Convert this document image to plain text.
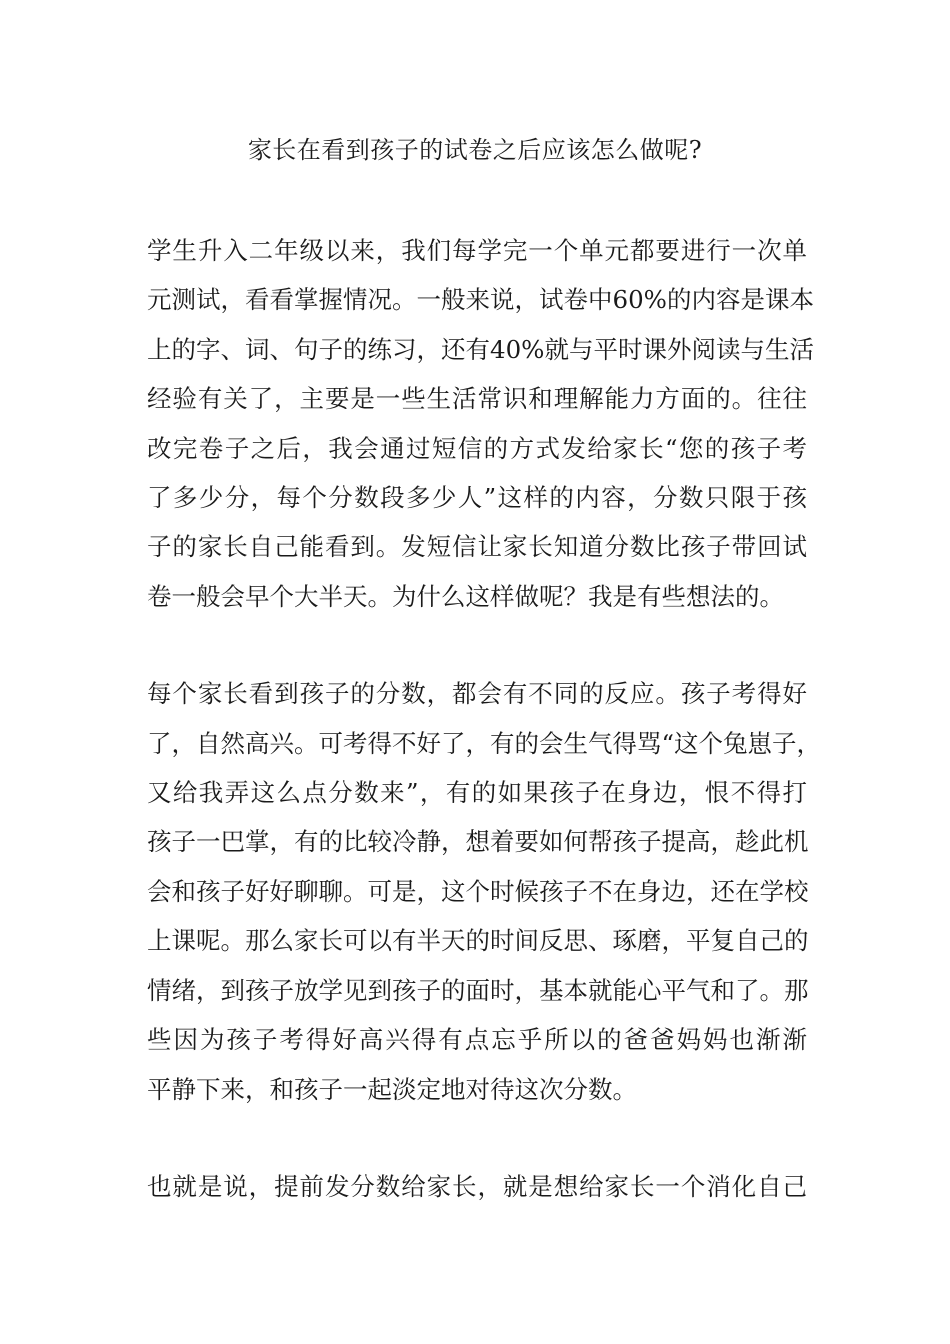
家长在看到孩子的试卷之后应该怎么做呢?
学生升入二年级以来，我们每学完一个单元都要进行一次单
元测试，看看掌握情况。一般来说，试卷中60%的内容是课本
上的字、词、句子的练习，还有40%就与平时课外阅读与生活
经验有关了，主要是一些生活常识和理解能力方面的。往往
改完卷子之后，我会通过短信的方式发给家长“您的孩子考
了多少分，每个分数段多少人”这样的内容，分数只限于孩
子的家长自己能看到。发短信让家长知道分数比孩子带回试
卷一般会早个大半天。为什么这样做呢？我是有些想法的。
每个家长看到孩子的分数，都会有不同的反应。孩子考得好
了，自然高兴。可考得不好了，有的会生气得骂“这个兔崽子，
又给我弄这么点分数来”，有的如果孩子在身边，恨不得打
孩子一巴掌，有的比较冷静，想着要如何帮孩子提高，趁此机
会和孩子好好聊聊。可是，这个时候孩子不在身边，还在学校
上课呢。那么家长可以有半天的时间反思、琢磨，平复自己的
情绪，到孩子放学见到孩子的面时，基本就能心平气和了。那
些因为孩子考得好高兴得有点忘乎所以的爸爸妈妈也渐渐
平静下来，和孩子一起淡定地对待这次分数。
也就是说，提前发分数给家长，就是想给家长一个消化自己
